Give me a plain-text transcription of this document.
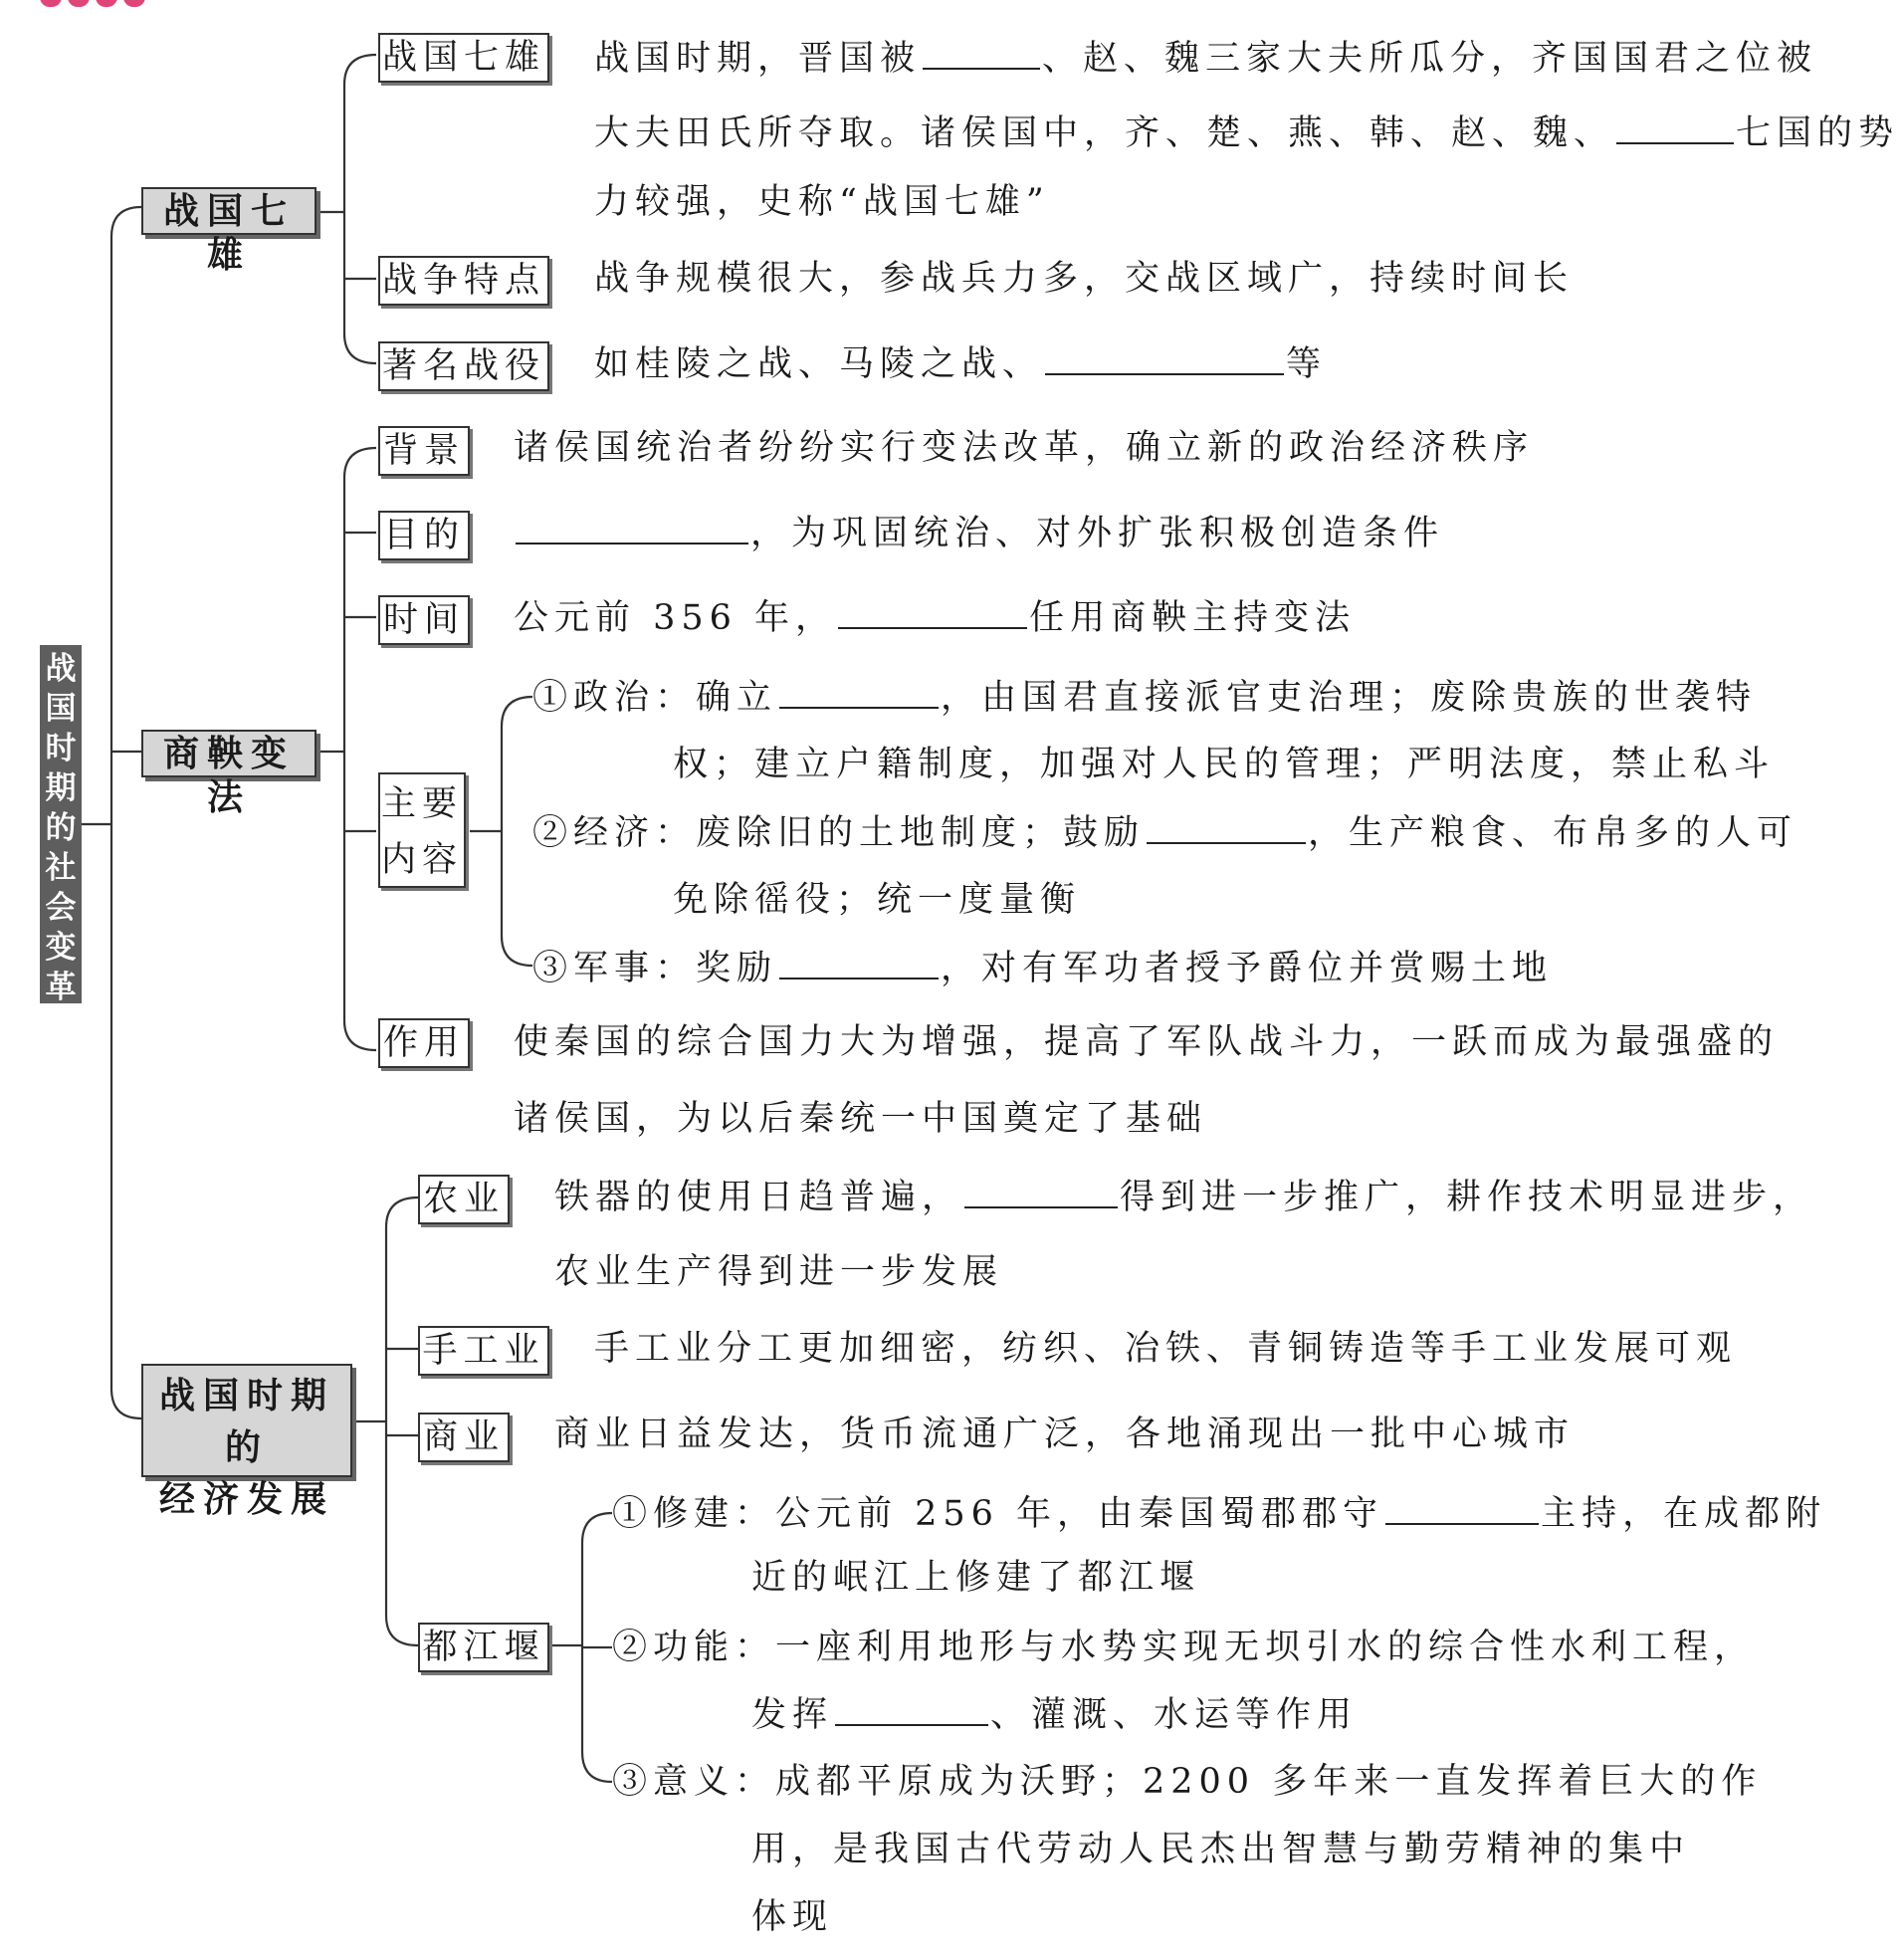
战国时期的社会变革
战国七雄
商鞅变法
战国时期的
经济发展
战国七雄
战争特点
著名战役
战国时期，晋国被	、赵、魏三家大夫所瓜分，齐国国君之位被
大夫田氏所夺取。诸侯国中，齐、楚、燕、韩、赵、魏、	七国的势
力较强，史称“战国七雄”
战争规模很大，参战兵力多，交战区域广，持续时间长
如桂陵之战、马陵之战、	等
背景
目的
时间
主要
内容
作用
诸侯国统治者纷纷实行变法改革，确立新的政治经济秩序
，为巩固统治、对外扩张积极创造条件
公元前 356 年，	任用商鞅主持变法
①政治：确立	，由国君直接派官吏治理；废除贵族的世袭特
权；建立户籍制度，加强对人民的管理；严明法度，禁止私斗
②经济：废除旧的土地制度；鼓励	，生产粮食、布帛多的人可
免除徭役；统一度量衡
③军事：奖励	，对有军功者授予爵位并赏赐土地
使秦国的综合国力大为增强，提高了军队战斗力，一跃而成为最强盛的
诸侯国，为以后秦统一中国奠定了基础
农业
手工业
商业
都江堰
铁器的使用日趋普遍，	得到进一步推广，耕作技术明显进步，
农业生产得到进一步发展
手工业分工更加细密，纺织、冶铁、青铜铸造等手工业发展可观
商业日益发达，货币流通广泛，各地涌现出一批中心城市
①修建：公元前 256 年，由秦国蜀郡郡守	主持，在成都附
近的岷江上修建了都江堰
②功能：一座利用地形与水势实现无坝引水的综合性水利工程，
发挥	、灌溉、水运等作用
③意义：成都平原成为沃野；2200 多年来一直发挥着巨大的作
用，是我国古代劳动人民杰出智慧与勤劳精神的集中
体现
